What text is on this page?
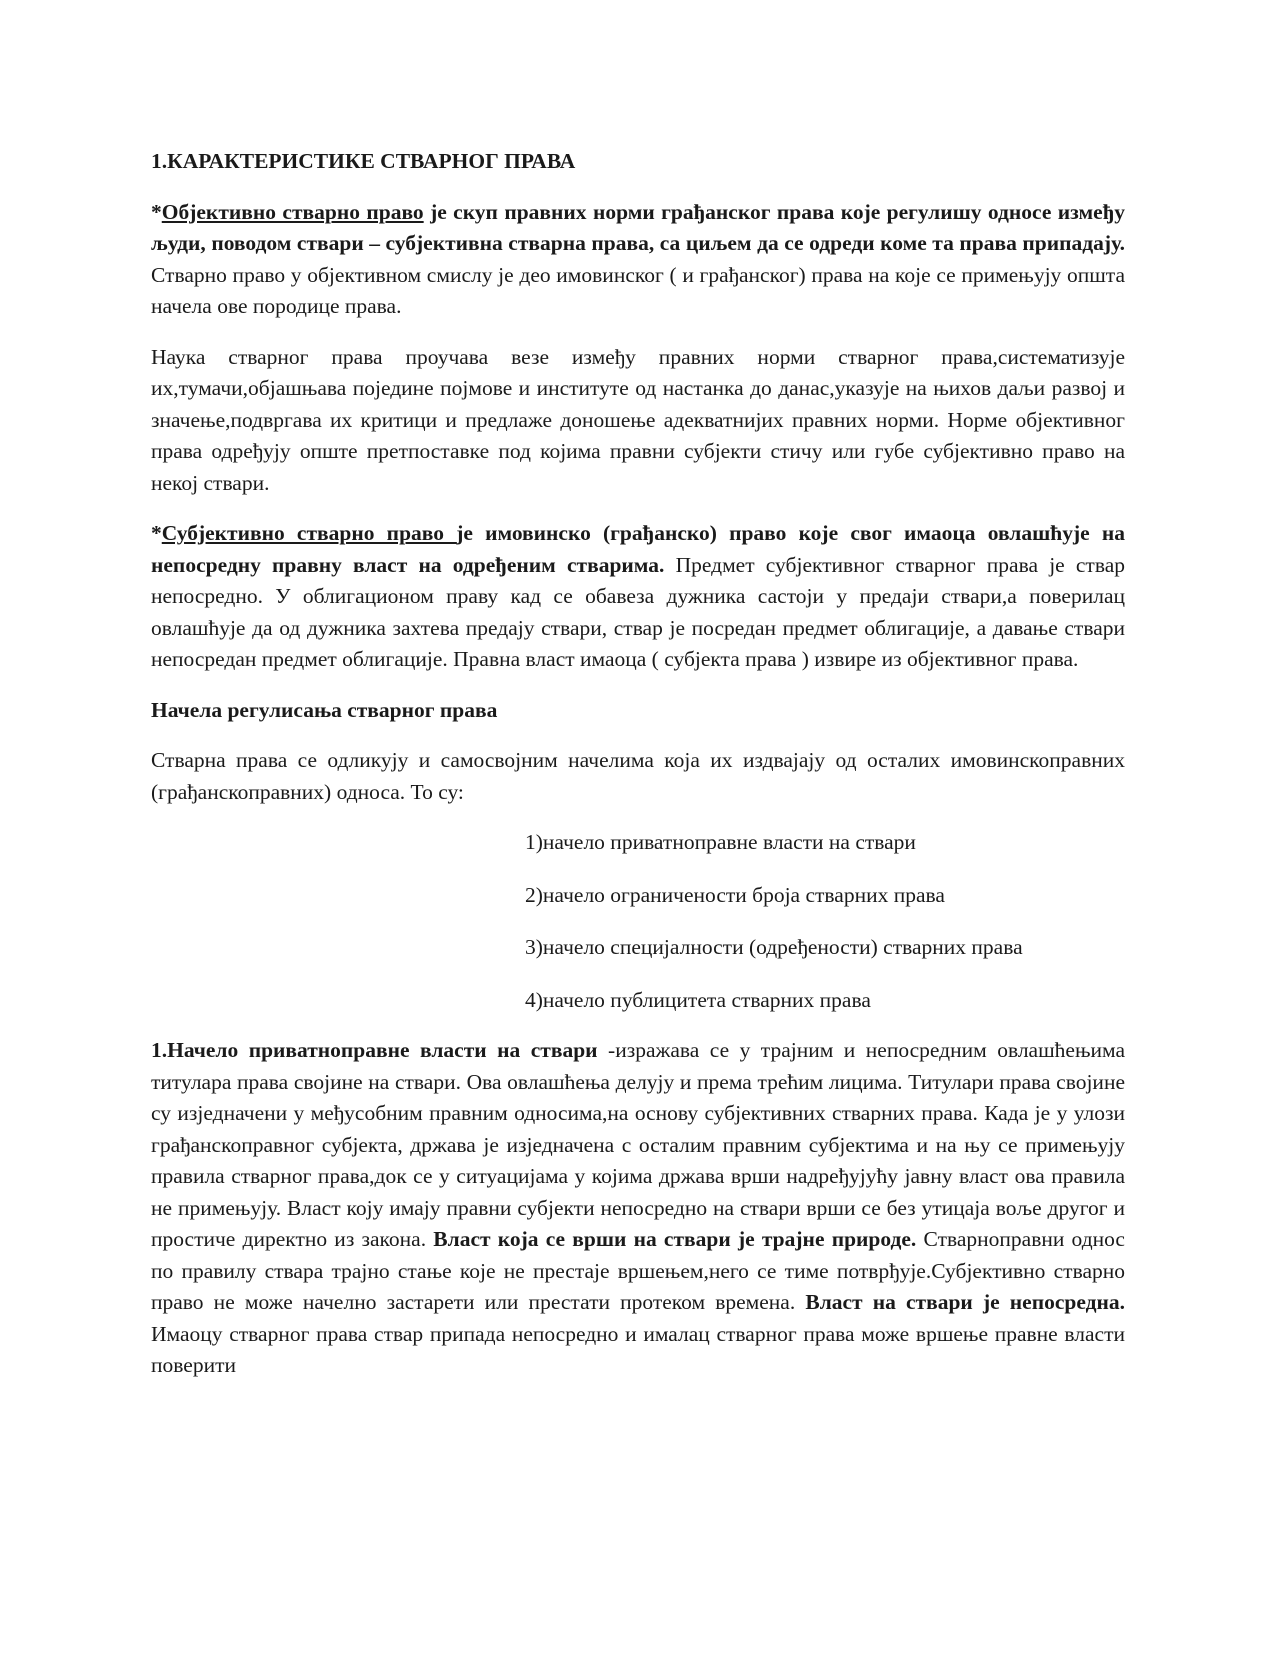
1.КАРАКТЕРИСТИКЕ СТВАРНОГ ПРАВА

*Објективно стварно право је скуп правних норми грађанског права које регулишу односе између људи, поводом ствари – субјективна стварна права, са циљем да се одреди коме та права припадају. Стварно право у објективном смислу је део имовинског ( и грађанског) права на које се примењују општа начела ове породице права.

Наука стварног права проучава везе између правних норми стварног права,систематизује их,тумачи,објашњава поједине појмове и институте од настанка до данас,указује на њихов даљи развој и значење,подвргава их критици и предлаже доношење адекватнијих правних норми. Норме објективног права одређују опште претпоставке под којима правни субјекти стичу или губе субјективно право на некој ствари.

*Субјективно стварно право је имовинско (грађанско) право које свог имаоца овлашћује на непосредну правну власт на одређеним стварима. Предмет субјективног стварног права је ствар непосредно. У облигационом праву кад се обавеза дужника састоји у предаји ствари,а поверилац овлашћује да од дужника захтева предају ствари, ствар је посредан предмет облигације, а давање ствари непосредан предмет облигације. Правна власт имаоца ( субјекта права ) извире из објективног права.

Начела регулисања стварног права

Стварна права се одликују и самосвојним начелима која их издвајају од осталих имовинскоправних (грађанскоправних) односа. То су:

1)начело приватноправне власти на ствари
2)начело ограничености броја стварних права
3)начело специјалности (одређености) стварних права
4)начело публицитета стварних права

1.Начело приватноправне власти на ствари -изражава се у трајним и непосредним овлашћењима титулара права својине на ствари. Ова овлашћења делују и према трећим лицима. Титулари права својине су изједначени у међусобним правним односима,на основу субјективних стварних права. Када је у улози грађанскоправног субјекта, држава је изједначена с осталим правним субјектима и на њу се примењују правила стварног права,док се у ситуацијама у којима држава врши надређујућу јавну власт ова правила не примењују. Власт коју имају правни субјекти непосредно на ствари врши се без утицаја воље другог и простиче директно из закона. Власт која се врши на ствари је трајне природе. Стварноправни однос по правилу ствара трајно стање које не престаје вршењем,него се тиме потврђује.Субјективно стварно право не може начелно застарети или престати протеком времена. Власт на ствари је непосредна. Имаоцу стварног права ствар припада непосредно и ималац стварног права може вршење правне власти поверити
